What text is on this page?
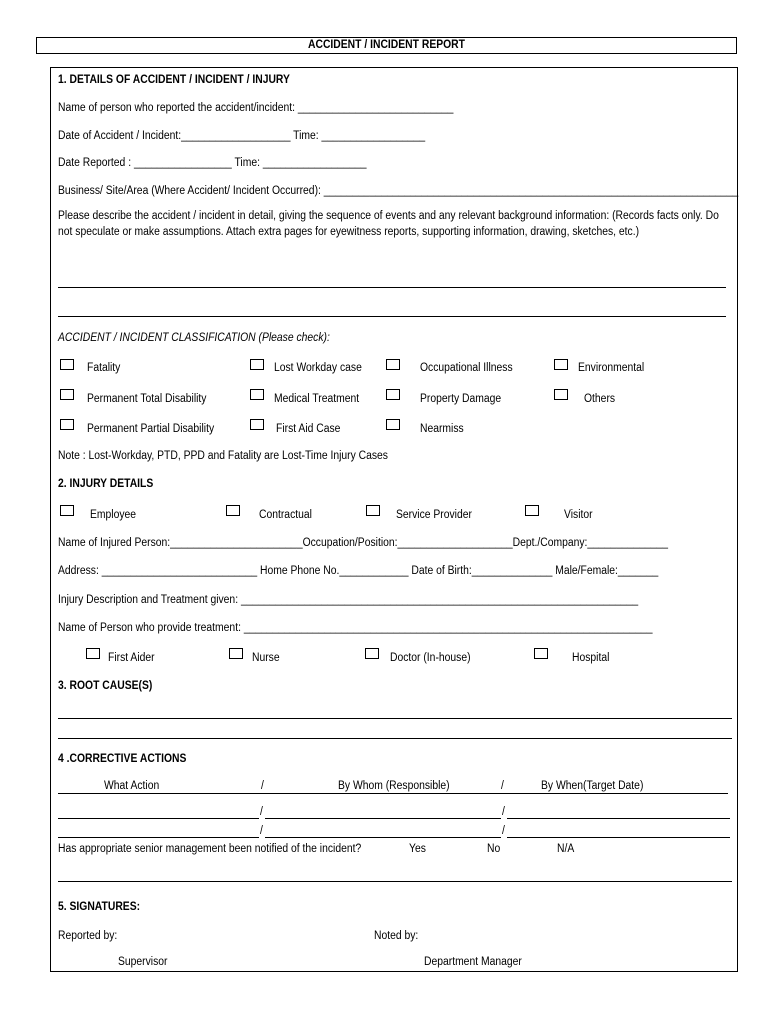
ACCIDENT / INCIDENT REPORT
1. DETAILS OF ACCIDENT / INCIDENT / INJURY
Name of person who reported the accident/incident: ___________________________
Date of Accident / Incident:___________________ Time: __________________
Date Reported : _________________ Time: __________________
Business/ Site/Area (Where Accident/ Incident Occurred): ________________________________________________________________________
Please describe the accident / incident in detail, giving the sequence of events and any relevant background information: (Records facts only. Do not speculate or make assumptions. Attach extra pages for eyewitness reports, supporting information, drawing, sketches, etc.)
ACCIDENT / INCIDENT CLASSIFICATION (Please check):
Fatality	Lost Workday case	Occupational Illness	Environmental
Permanent Total Disability	Medical Treatment	Property Damage	Others
Permanent Partial Disability	First Aid Case	Nearmiss
Note : Lost-Workday, PTD, PPD and Fatality are Lost-Time Injury Cases
2. INJURY DETAILS
Employee	Contractual	Service Provider	Visitor
Name of Injured Person:_______________________Occupation/Position:____________________Dept./Company:______________
Address: ___________________________ Home Phone No.____________ Date of Birth:______________ Male/Female:_______
Injury Description and Treatment given: _____________________________________________________________________
Name of Person who provide treatment: _______________________________________________________________________
First Aider	Nurse	Doctor (In-house)	Hospital
3. ROOT CAUSE(S)
4 .CORRECTIVE ACTIONS
What Action	/	By Whom (Responsible)	/	By When(Target Date)
/	/
/	/
Has appropriate senior management been notified of the incident?	Yes	No	N/A
5. SIGNATURES:
Reported by:	Noted by:
Supervisor	Department Manager
